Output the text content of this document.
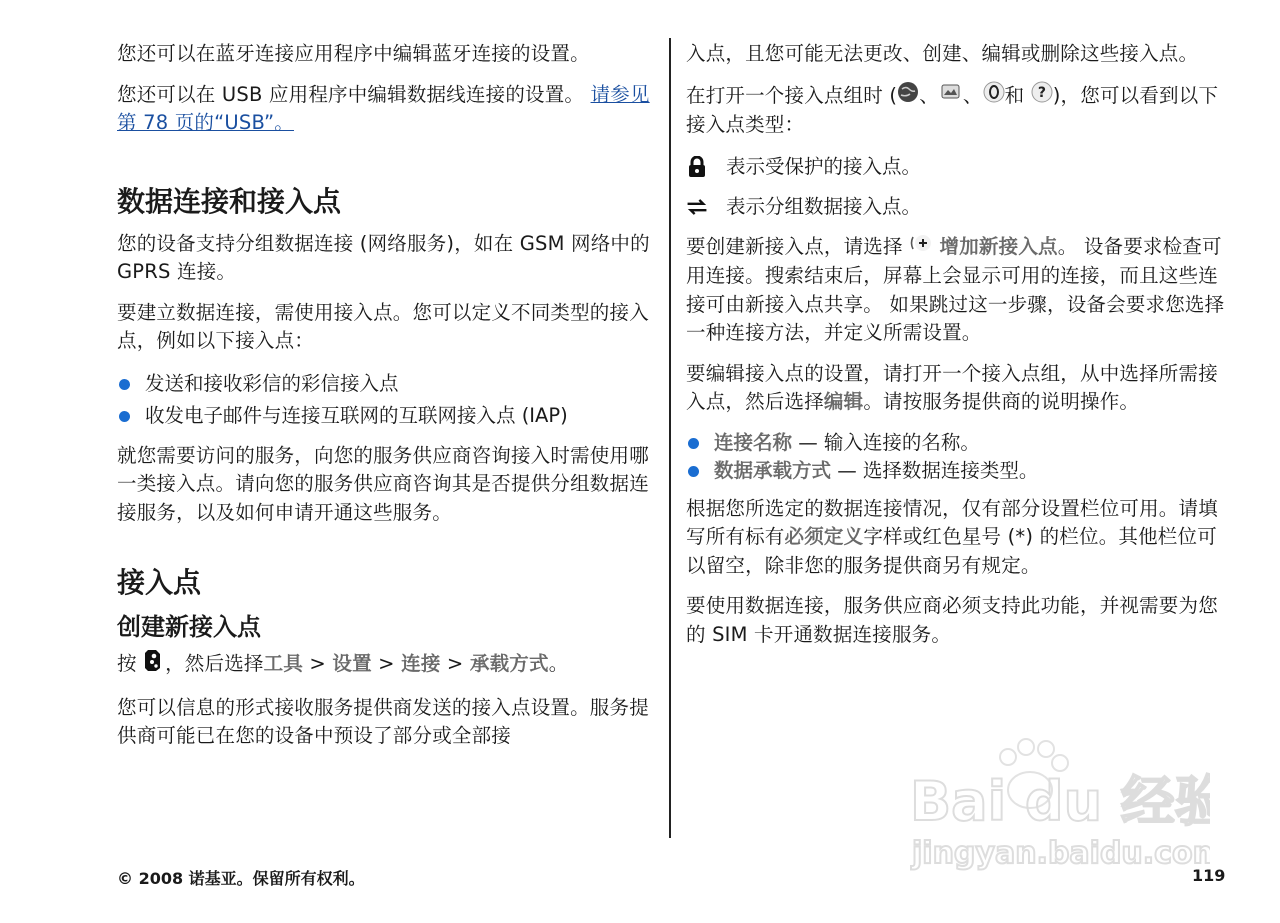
您还可以在蓝牙连接应用程序中编辑蓝牙连接的设置。

您还可以在 USB 应用程序中编辑数据线连接的设置。 请参见第 78 页的“USB”。

数据连接和接入点

您的设备支持分组数据连接 (网络服务)，如在 GSM 网络中的 GPRS 连接。

要建立数据连接，需使用接入点。您可以定义不同类型的接入点，例如以下接入点：

发送和接收彩信的彩信接入点
收发电子邮件与连接互联网的互联网接入点 (IAP)

就您需要访问的服务，向您的服务供应商咨询接入时需使用哪一类接入点。请向您的服务供应商咨询其是否提供分组数据连接服务，以及如何申请开通这些服务。

接入点
创建新接入点

按 ，然后选择工具 > 设置 > 连接 > 承载方式。

您可以信息的形式接收服务提供商发送的接入点设置。服务提供商可能已在您的设备中预设了部分或全部接

入点，且您可能无法更改、创建、编辑或删除这些接入点。

在打开一个接入点组时 ( 、 、 和 ? )，您可以看到以下接入点类型：

表示受保护的接入点。
表示分组数据接入点。

要创建新接入点，请选择  增加新接入点。 设备要求检查可用连接。搜索结束后，屏幕上会显示可用的连接，而且这些连接可由新接入点共享。 如果跳过这一步骤，设备会要求您选择一种连接方法，并定义所需设置。

要编辑接入点的设置，请打开一个接入点组，从中选择所需接入点，然后选择编辑。请按服务提供商的说明操作。

连接名称 — 输入连接的名称。
数据承载方式 — 选择数据连接类型。

根据您所选定的数据连接情况，仅有部分设置栏位可用。请填写所有标有必须定义字样或红色星号 (*) 的栏位。其他栏位可以留空，除非您的服务提供商另有规定。

要使用数据连接，服务供应商必须支持此功能，并视需要为您的 SIM 卡开通数据连接服务。

Bai du 经验
jingyan.baidu.com
© 2008 诺基亚。保留所有权利。	119
